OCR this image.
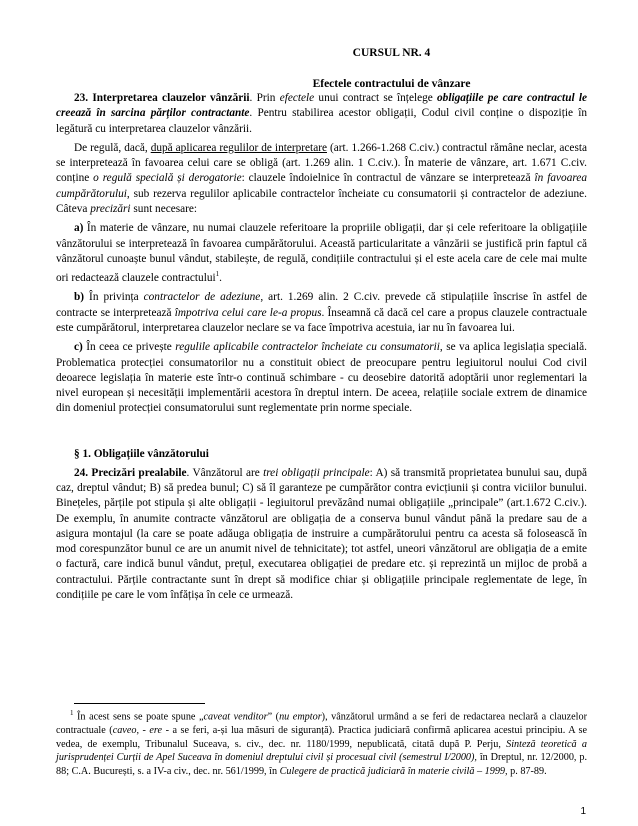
CURSUL NR. 4
Efectele contractului de vânzare

23. Interpretarea clauzelor vânzării. Prin efectele unui contract se înțelege obligațiile pe care contractul le creează în sarcina părților contractante. Pentru stabilirea acestor obligații, Codul civil conține o dispoziție în legătură cu interpretarea clauzelor vânzării.

De regulă, dacă, după aplicarea regulilor de interpretare (art. 1.266-1.268 C.civ.) contractul rămâne neclar, acesta se interpretează în favoarea celui care se obligă (art. 1.269 alin. 1 C.civ.). În materie de vânzare, art. 1.671 C.civ. conține o regulă specială și derogatorie: clauzele îndoielnice în contractul de vânzare se interpretează în favoarea cumpărătorului, sub rezerva regulilor aplicabile contractelor încheiate cu consumatorii și contractelor de adeziune. Câteva precizări sunt necesare:

a) În materie de vânzare, nu numai clauzele referitoare la propriile obligații, dar și cele referitoare la obligațiile vânzătorului se interpretează în favoarea cumpărătorului. Această particularitate a vânzării se justifică prin faptul că vânzătorul cunoaște bunul vândut, stabilește, de regulă, condițiile contractului și el este acela care de cele mai multe ori redactează clauzele contractului$^1$.

b) În privința contractelor de adeziune, art. 1.269 alin. 2 C.civ. prevede că stipulațiile înscrise în astfel de contracte se interpretează împotriva celui care le-a propus. Înseamnă că dacă cel care a propus clauzele contractuale este cumpărătorul, interpretarea clauzelor neclare se va face împotriva acestuia, iar nu în favoarea lui.

c) În ceea ce privește regulile aplicabile contractelor încheiate cu consumatorii, se va aplica legislația specială. Problematica protecției consumatorilor nu a constituit obiect de preocupare pentru legiuitorul noului Cod civil deoarece legislația în materie este într-o continuă schimbare - cu deosebire datorită adoptării unor reglementari la nivel european și necesității implementării acestora în dreptul intern. De aceea, relațiile sociale extrem de dinamice din domeniul protecției consumatorului sunt reglementate prin norme speciale.

§ 1. Obligațiile vânzătorului

24. Precizări prealabile. Vânzătorul are trei obligații principale: A) să transmită proprietatea bunului sau, după caz, dreptul vândut; B) să predea bunul; C) să îl garanteze pe cumpărător contra evicțiunii și contra viciilor bunului. Binețeles, părțile pot stipula și alte obligații - legiuitorul prevăzând numai obligațiile „principale” (art.1.672 C.civ.). De exemplu, în anumite contracte vânzătorul are obligația de a conserva bunul vândut până la predare sau de a asigura montajul (la care se poate adăuga obligația de instruire a cumpărătorului pentru ca acesta să folosească în mod corespunzător bunul ce are un anumit nivel de tehnicitate); tot astfel, uneori vânzătorul are obligația de a emite o factură, care indică bunul vândut, prețul, executarea obligației de predare etc. și reprezintă un mijloc de probă a contractului. Părțile contractante sunt în drept să modifice chiar și obligațiile principale reglementate de lege, în condițiile pe care le vom înfățișa în cele ce urmează.

$^1$ În acest sens se poate spune „caveat venditor” (nu emptor), vânzătorul urmând a se feri de redactarea neclară a clauzelor contractuale (caveo, - ere - a se feri, a-și lua măsuri de siguranță). Practica judiciară confirmă aplicarea acestui principiu. A se vedea, de exemplu, Tribunalul Suceava, s. civ., dec. nr. 1180/1999, nepublicată, citată după P. Perju, Sinteză teoretică a jurisprudenței Curții de Apel Suceava în domeniul dreptului civil și procesual civil (semestrul I/2000), în Dreptul, nr. 12/2000, p. 88; C.A. București, s. a IV-a civ., dec. nr. 561/1999, în Culegere de practică judiciară în materie civilă – 1999, p. 87-89.

1
